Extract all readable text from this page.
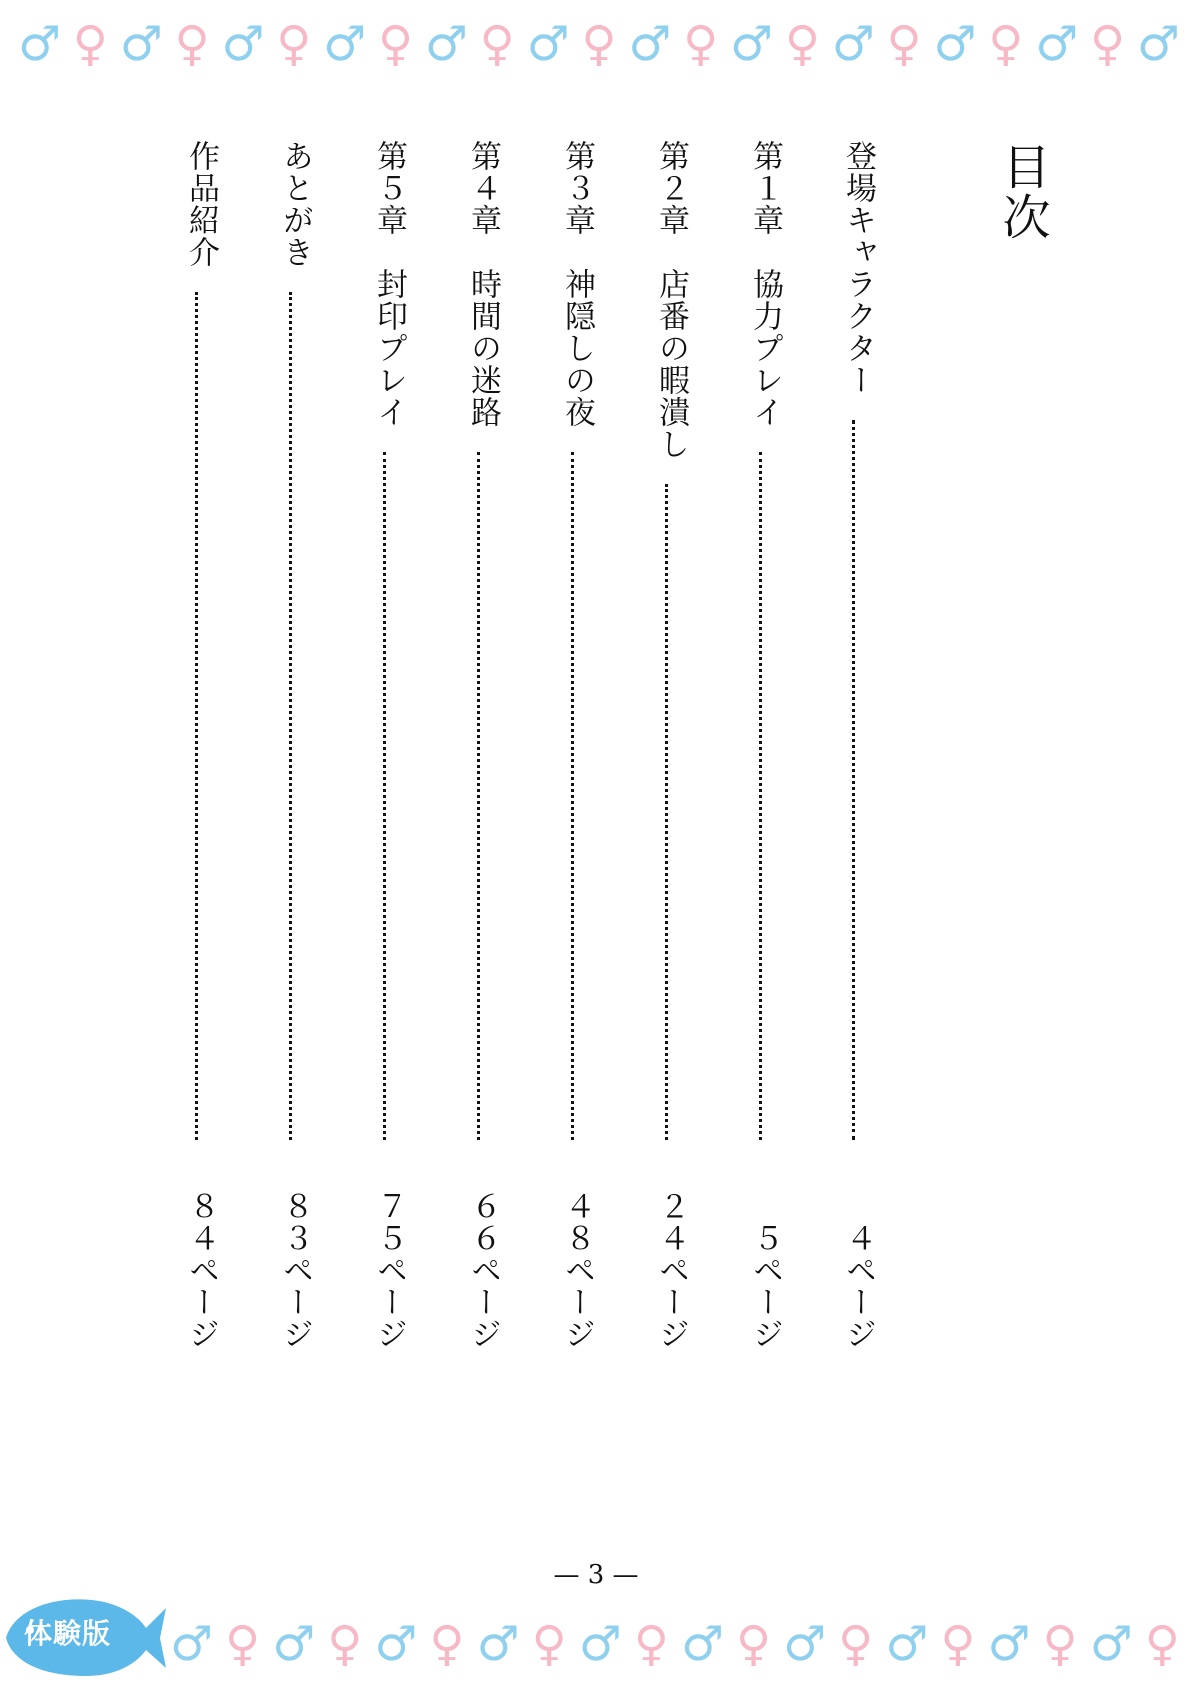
♂ ♀ ♂ ♀ ♂ ♀ ♂ ♀ ♂ ♀ ♂ ♀ ♂ ♀ ♂ ♀ ♂ ♀ ♂ ♀ ♂ ♀ ♂
目次
登場キャラクター
４ページ
第１章　協力プレイ
５ページ
第２章　店番の暇潰し
２４ページ
第３章　神隠しの夜
４８ページ
第４章　時間の迷路
６６ページ
第５章　封印プレイ
７５ページ
あとがき
８３ページ
作品紹介
８４ページ
— 3 —
体験版 ♂ ♀ ♂ ♀ ♂ ♀ ♂ ♀ ♂ ♀ ♂ ♀ ♂ ♀ ♂ ♀ ♂ ♀ ♂ ♀
